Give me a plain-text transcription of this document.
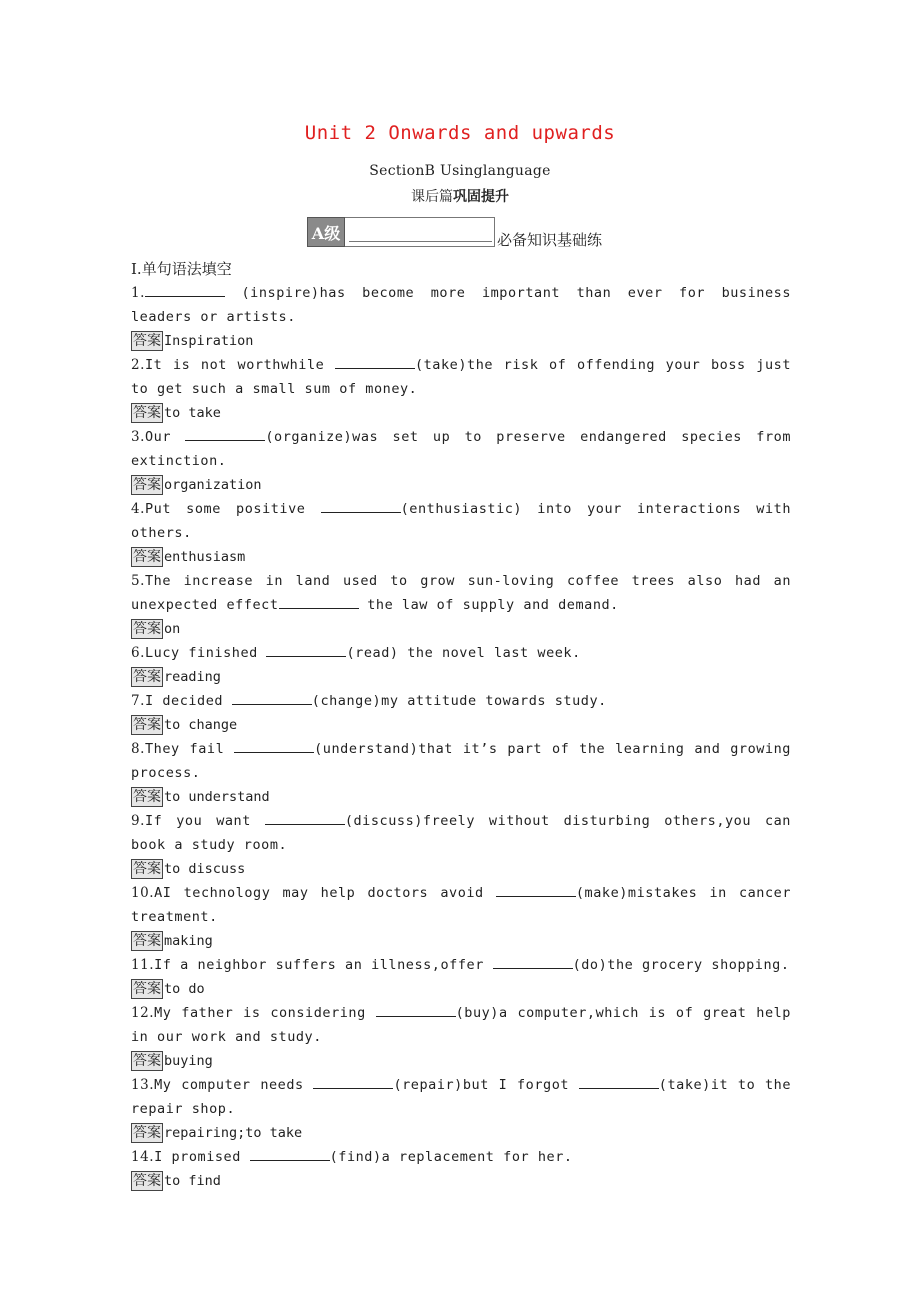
Unit 2 Onwards and upwards
SectionB Usinglanguage
课后篇巩固提升
A级	必备知识基础练
Ⅰ.单句语法填空
1.	(inspire)has become more important than ever for business leaders or artists.
答案 Inspiration
2.It is not worthwhile	(take)the risk of offending your boss just to get such a small sum of money.
答案 to take
3.Our	(organize)was set up to preserve endangered species from extinction.
答案 organization
4.Put some positive	(enthusiastic) into your interactions with others.
答案 enthusiasm
5.The increase in land used to grow sun-loving coffee trees also had an unexpected effect	the law of supply and demand.
答案 on
6.Lucy finished	(read) the novel last week.
答案 reading
7.I decided	(change)my attitude towards study.
答案 to change
8.They fail	(understand)that it’s part of the learning and growing process.
答案 to understand
9.If you want	(discuss)freely without disturbing others,you can book a study room.
答案 to discuss
10.AI technology may help doctors avoid	(make)mistakes in cancer treatment.
答案 making
11.If a neighbor suffers an illness,offer	(do)the grocery shopping.
答案 to do
12.My father is considering	(buy)a computer,which is of great help in our work and study.
答案 buying
13.My computer needs	(repair)but I forgot	(take)it to the repair shop.
答案 repairing;to take
14.I promised	(find)a replacement for her.
答案 to find
